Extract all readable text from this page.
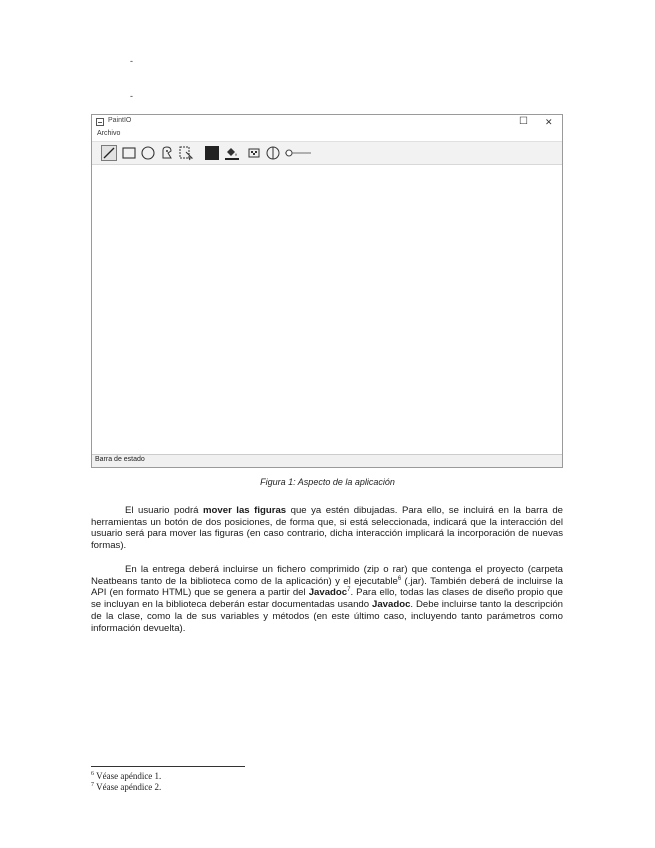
-
-
PaintIO	☐ ✕
Archivo
Barra de estado
Figura 1: Aspecto de la aplicación

El usuario podrá mover las figuras que ya estén dibujadas. Para ello, se incluirá en la barra de herramientas un botón de dos posiciones, de forma que, si está seleccionada, indicará que la interacción del usuario será para mover las figuras (en caso contrario, dicha interacción implicará la incorporación de nuevas formas).

En la entrega deberá incluirse un fichero comprimido (zip o rar) que contenga el proyecto (carpeta Neatbeans tanto de la biblioteca como de la aplicación) y el ejecutable$^6$ (.jar). También deberá de incluirse la API (en formato HTML) que se genera a partir del Javadoc$^7$. Para ello, todas las clases de diseño propio que se incluyan en la biblioteca deberán estar documentadas usando Javadoc. Debe incluirse tanto la descripción de la clase, como la de sus variables y métodos (en este último caso, incluyendo tanto parámetros como información devuelta).

$^6$ Véase apéndice 1.
$^7$ Véase apéndice 2.
